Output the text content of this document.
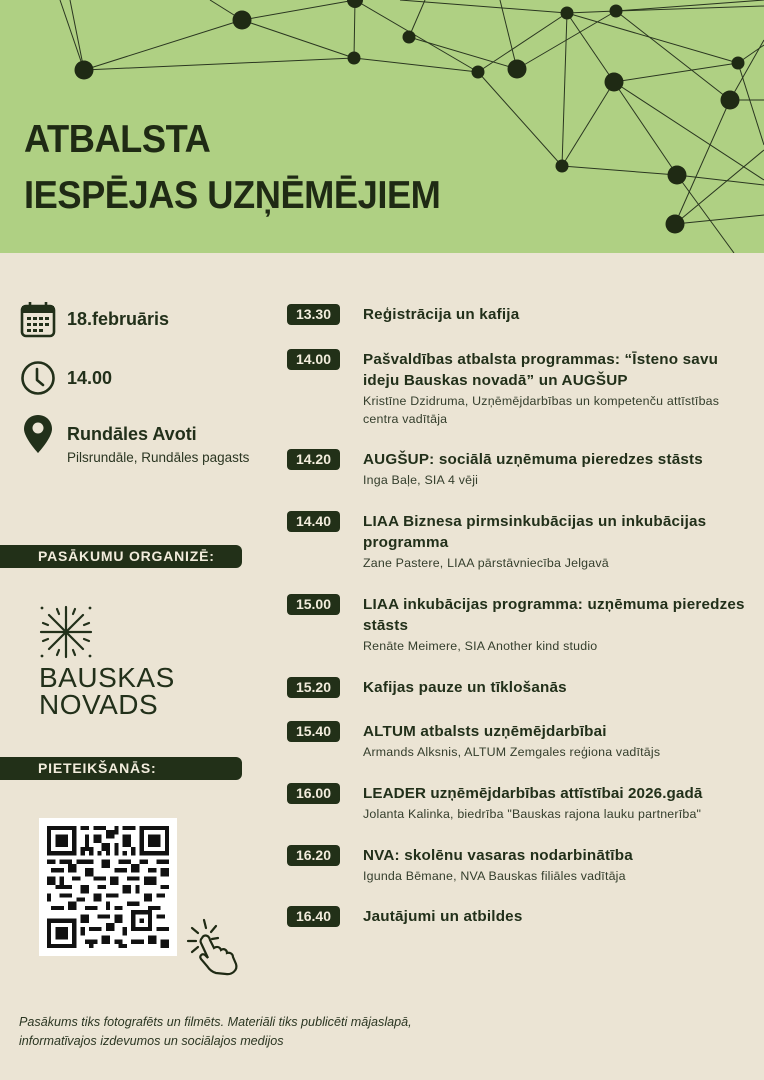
ATBALSTA
IESPĒJAS UZŅĒMĒJIEM
18.februāris
14.00
Rundāles Avoti
Pilsrundāle, Rundāles pagasts
PASĀKUMU ORGANIZĒ:
BAUSKAS
NOVADS
PIETEIKŠANĀS:
13.30	Reģistrācija un kafija
14.00	Pašvaldības atbalsta programmas: “Īsteno savu ideju Bauskas novadā” un AUGŠUP
Kristīne Dzidruma, Uzņēmējdarbības un kompetenču attīstības centra vadītāja
14.20	AUGŠUP: sociālā uzņēmuma pieredzes stāsts
Inga Baļe, SIA 4 vēji
14.40	LIAA Biznesa pirmsinkubācijas un inkubācijas programma
Zane Pastere, LIAA pārstāvniecība Jelgavā
15.00	LIAA inkubācijas programma: uzņēmuma pieredzes stāsts
Renāte Meimere, SIA Another kind studio
15.20	Kafijas pauze un tīklošanās
15.40	ALTUM atbalsts uzņēmējdarbībai
Armands Alksnis, ALTUM Zemgales reģiona vadītājs
16.00	LEADER uzņēmējdarbības attīstībai 2026.gadā
Jolanta Kalinka, biedrība "Bauskas rajona lauku partnerība"
16.20	NVA: skolēnu vasaras nodarbinātība
Igunda Bēmane, NVA Bauskas filiāles vadītāja
16.40	Jautājumi un atbildes
Pasākums tiks fotografēts un filmēts. Materiāli tiks publicēti mājaslapā, informatīvajos izdevumos un sociālajos medijos
